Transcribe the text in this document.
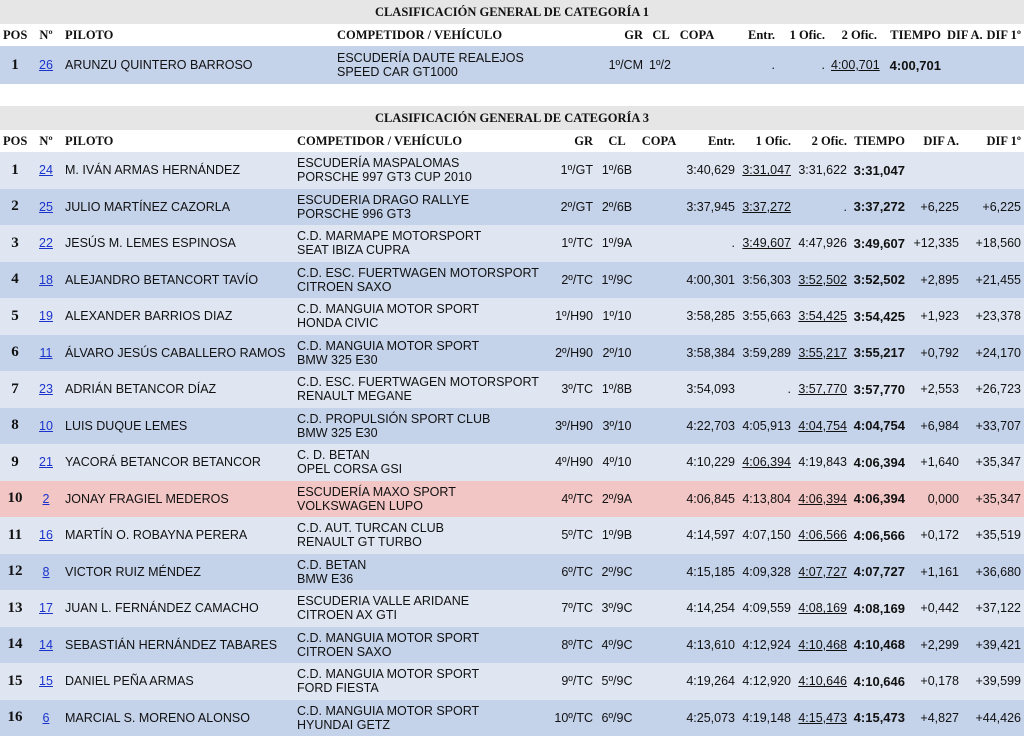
CLASIFICACIÓN GENERAL DE CATEGORÍA 1												
POS	Nº	PILOTO	COMPETIDOR / VEHÍCULO	GR	CL	COPA	Entr.	1 Ofic.	2 Ofic.	TIEMPO	DIF A.	DIF 1º
1	26	ARUNZU QUINTERO BARROSO	ESCUDERÍA DAUTE REALEJOS
SPEED CAR GT1000	1º/CM	1º/2		.	.	4:00,701	4:00,701		
CLASIFICACIÓN GENERAL DE CATEGORÍA 3												
POS	Nº	PILOTO	COMPETIDOR / VEHÍCULO	GR	CL	COPA	Entr.	1 Ofic.	2 Ofic.	TIEMPO	DIF A.	DIF 1º
1	24	M. IVÁN ARMAS HERNÁNDEZ	ESCUDERÍA MASPALOMAS
PORSCHE 997 GT3 CUP 2010	1º/GT	1º/6B		3:40,629	3:31,047	3:31,622	3:31,047		
2	25	JULIO MARTÍNEZ CAZORLA	ESCUDERIA DRAGO RALLYE
PORSCHE 996 GT3	2º/GT	2º/6B		3:37,945	3:37,272	.	3:37,272	+6,225	+6,225
3	22	JESÚS M. LEMES ESPINOSA	C.D. MARMAPE MOTORSPORT
SEAT IBIZA CUPRA	1º/TC	1º/9A		.	3:49,607	4:47,926	3:49,607	+12,335	+18,560
4	18	ALEJANDRO BETANCORT TAVÍO	C.D. ESC. FUERTWAGEN MOTORSPORT
CITROEN SAXO	2º/TC	1º/9C		4:00,301	3:56,303	3:52,502	3:52,502	+2,895	+21,455
5	19	ALEXANDER BARRIOS DIAZ	C.D. MANGUIA MOTOR SPORT
HONDA CIVIC	1º/H90	1º/10		3:58,285	3:55,663	3:54,425	3:54,425	+1,923	+23,378
6	11	ÁLVARO JESÚS CABALLERO RAMOS	C.D. MANGUIA MOTOR SPORT
BMW 325 E30	2º/H90	2º/10		3:58,384	3:59,289	3:55,217	3:55,217	+0,792	+24,170
7	23	ADRIÁN BETANCOR DÍAZ	C.D. ESC. FUERTWAGEN MOTORSPORT
RENAULT MEGANE	3º/TC	1º/8B		3:54,093	.	3:57,770	3:57,770	+2,553	+26,723
8	10	LUIS DUQUE LEMES	C.D. PROPULSIÓN SPORT CLUB
BMW 325 E30	3º/H90	3º/10		4:22,703	4:05,913	4:04,754	4:04,754	+6,984	+33,707
9	21	YACORÁ BETANCOR BETANCOR	C. D. BETAN
OPEL CORSA GSI	4º/H90	4º/10		4:10,229	4:06,394	4:19,843	4:06,394	+1,640	+35,347
10	2	JONAY FRAGIEL MEDEROS	ESCUDERÍA MAXO SPORT
VOLKSWAGEN LUPO	4º/TC	2º/9A		4:06,845	4:13,804	4:06,394	4:06,394	0,000	+35,347
11	16	MARTÍN O. ROBAYNA PERERA	C.D. AUT. TURCAN CLUB
RENAULT GT TURBO	5º/TC	1º/9B		4:14,597	4:07,150	4:06,566	4:06,566	+0,172	+35,519
12	8	VICTOR RUIZ MÉNDEZ	C.D. BETAN
BMW E36	6º/TC	2º/9C		4:15,185	4:09,328	4:07,727	4:07,727	+1,161	+36,680
13	17	JUAN L. FERNÁNDEZ CAMACHO	ESCUDERIA VALLE ARIDANE
CITROEN AX GTI	7º/TC	3º/9C		4:14,254	4:09,559	4:08,169	4:08,169	+0,442	+37,122
14	14	SEBASTIÁN HERNÁNDEZ TABARES	C.D. MANGUIA MOTOR SPORT
CITROEN SAXO	8º/TC	4º/9C		4:13,610	4:12,924	4:10,468	4:10,468	+2,299	+39,421
15	15	DANIEL PEÑA ARMAS	C.D. MANGUIA MOTOR SPORT
FORD FIESTA	9º/TC	5º/9C		4:19,264	4:12,920	4:10,646	4:10,646	+0,178	+39,599
16	6	MARCIAL S. MORENO ALONSO	C.D. MANGUIA MOTOR SPORT
HYUNDAI GETZ	10º/TC	6º/9C		4:25,073	4:19,148	4:15,473	4:15,473	+4,827	+44,426
